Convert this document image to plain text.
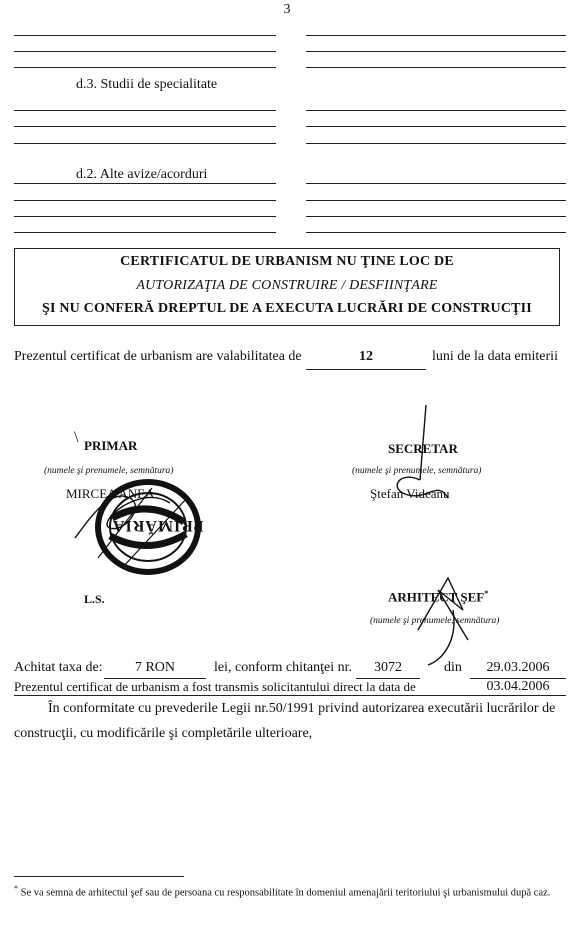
3
d.3. Studii de specialitate
d.2. Alte avize/acorduri
CERTIFICATUL DE URBANISM NU ŢINE LOC DE
AUTORIZAŢIA DE CONSTRUIRE / DESFIINŢARE
ŞI NU CONFERĂ DREPTUL DE A EXECUTA LUCRĂRI DE CONSTRUCŢII
Prezentul certificat de urbanism are valabilitatea de	12	luni de la data emiterii
\ PRIMAR
(numele şi prenumele, semnătura)
MIRCEA ANEA
PRIMĂRIA
SECRETAR
(numele şi prenumele, semnătura)
Ştefan Videanu
L.S.	ARHITECT ŞEF*
(numele şi prenumele, semnătura)
Achitat taxa de:	7 RON	lei, conform chitanţei nr.	3072	din	29.03.2006
Prezentul certificat de urbanism a fost transmis solicitantului direct la data de	03.04.2006
În conformitate cu prevederile Legii nr.50/1991 privind autorizarea executării lucrărilor de
construcţii, cu modificările şi completările ulterioare,
* Se va semna de arhitectul şef sau de persoana cu responsabilitate în domeniul amenajării teritoriului şi urbanismului după caz.
